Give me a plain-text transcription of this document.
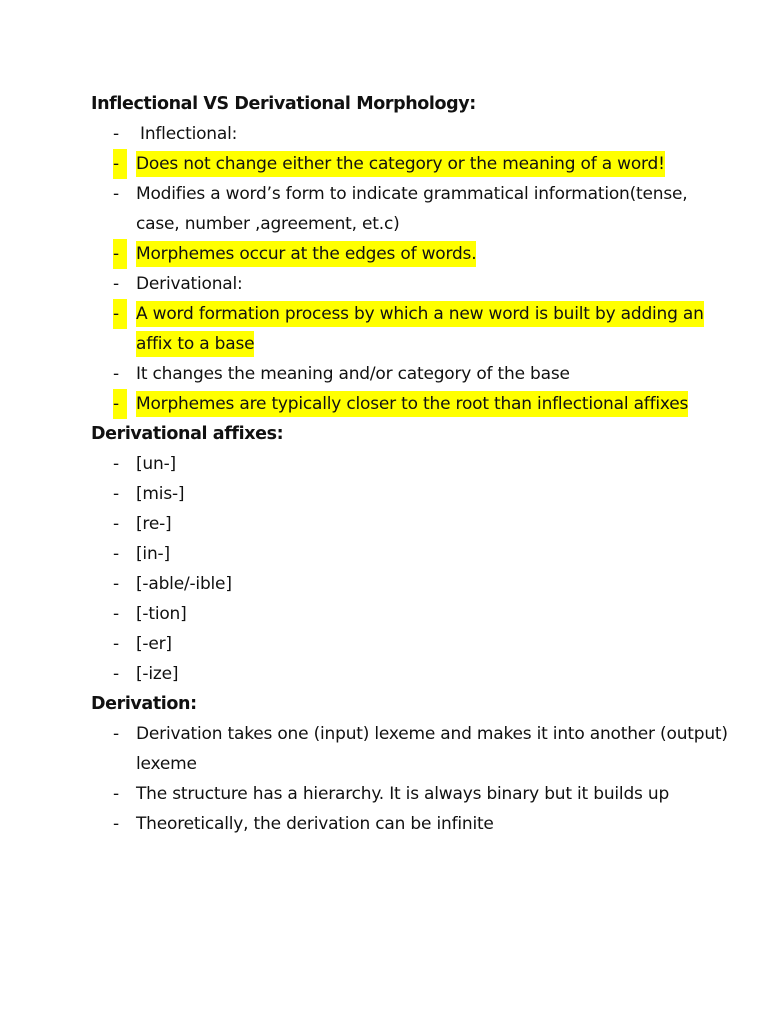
Inflectional VS Derivational Morphology:
-	Inflectional:
-	Does not change either the category or the meaning of a word!
-	Modifies a word’s form to indicate grammatical information(tense, case, number ,agreement, et.c)
-	Morphemes occur at the edges of words.
-	Derivational:
-	A word formation process by which a new word is built by adding an affix to a base
-	It changes the meaning and/or category of the base
-	Morphemes are typically closer to the root than inflectional affixes
Derivational affixes:
-	[un-]
-	[mis-]
-	[re-]
-	[in-]
-	[-able/-ible]
-	[-tion]
-	[-er]
-	[-ize]
Derivation:
-	Derivation takes one (input) lexeme and makes it into another (output) lexeme
-	The structure has a hierarchy. It is always binary but it builds up
-	Theoretically, the derivation can be infinite
